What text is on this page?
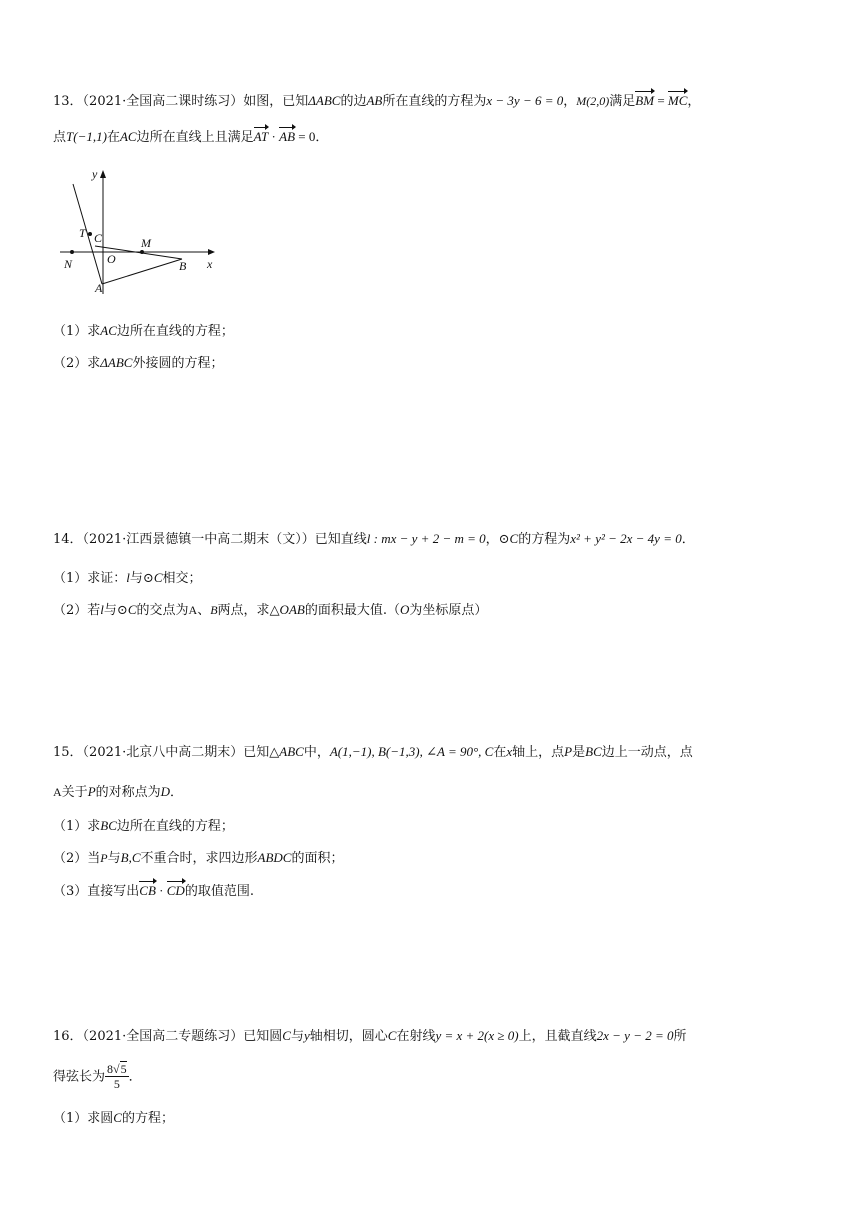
13．（2021·全国高二课时练习）如图，已知ΔABC的边AB所在直线的方程为x − 3y − 6 = 0，M(2,0)满足BM = MC，
点T(−1,1)在AC边所在直线上且满足AT · AB = 0．
y
x
T C	M
N	O	B
A
（1）求AC边所在直线的方程；
（2）求ΔABC外接圆的方程；
14．（2021·江西景德镇一中高二期末（文））已知直线l : mx − y + 2 − m = 0，⊙C的方程为x² + y² − 2x − 4y = 0．
（1）求证：l与⊙C相交；
（2）若l与⊙C的交点为A、B两点，求△OAB的面积最大值.（O为坐标原点）
15．（2021·北京八中高二期末）已知△ABC中，A(1,−1), B(−1,3), ∠A = 90°, C在x轴上，点P是BC边上一动点，点
A关于P的对称点为D．
（1）求BC边所在直线的方程；
（2）当P与B,C不重合时，求四边形ABDC的面积；
（3）直接写出CB · CD的取值范围.
16．（2021·全国高二专题练习）已知圆C与y轴相切，圆心C在射线y = x + 2(x ≥ 0)上，且截直线2x − y − 2 = 0所
得弦长为 $\frac{8√5}{5}$ ．
（1）求圆C的方程；
